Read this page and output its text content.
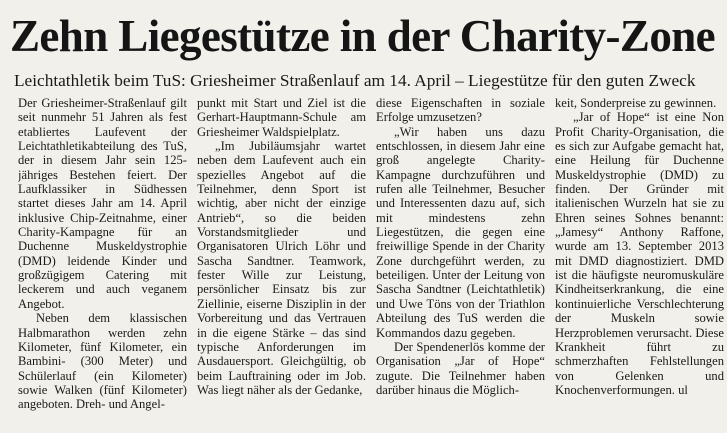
Zehn Liegestütze in der Charity-Zone
Leichtathletik beim TuS: Griesheimer Straßenlauf am 14. April – Liegestütze für den guten Zweck

Der Griesheimer-Straßenlauf gilt seit nunmehr 51 Jahren als fest etabliertes Laufevent der Leichtathletikabteilung des TuS, der in diesem Jahr sein 125-jähriges Bestehen feiert. Der Laufklassiker in Südhessen startet dieses Jahr am 14. April inklusive Chip-Zeitnahme, einer Charity-Kampagne für an Duchenne Muskeldystrophie (DMD) leidende Kinder und großzügigem Catering mit leckerem und auch veganem Angebot.

Neben dem klassischen Halbmarathon werden zehn Kilometer, fünf Kilometer, ein Bambini- (300 Meter) und Schülerlauf (ein Kilometer) sowie Walken (fünf Kilometer) angeboten. Dreh- und Angel-

punkt mit Start und Ziel ist die Gerhart-Hauptmann-Schule am Griesheimer Waldspielplatz.

„Im Jubiläumsjahr wartet neben dem Laufevent auch ein spezielles Angebot auf die Teilnehmer, denn Sport ist wichtig, aber nicht der einzige Antrieb“, so die beiden Vorstandsmitglieder und Organisatoren Ulrich Löhr und Sascha Sandtner. Teamwork, fester Wille zur Leistung, persönlicher Einsatz bis zur Ziellinie, eiserne Disziplin in der Vorbereitung und das Vertrauen in die eigene Stärke – das sind typische Anforderungen im Ausdauersport. Gleichgültig, ob beim Lauftraining oder im Job. Was liegt näher als der Gedanke,

diese Eigenschaften in soziale Erfolge umzusetzen?

„Wir haben uns dazu entschlossen, in diesem Jahr eine groß angelegte Charity-Kampagne durchzuführen und rufen alle Teilnehmer, Besucher und Interessenten dazu auf, sich mit mindestens zehn Liegestützen, die gegen eine freiwillige Spende in der Charity Zone durchgeführt werden, zu beteiligen. Unter der Leitung von Sascha Sandtner (Leichtathletik) und Uwe Töns von der Triathlon Abteilung des TuS werden die Kommandos dazu gegeben.

Der Spendenerlös komme der Organisation „Jar of Hope“ zugute. Die Teilnehmer haben darüber hinaus die Möglich-

keit, Sonderpreise zu gewinnen.

„Jar of Hope“ ist eine Non Profit Charity-Organisation, die es sich zur Aufgabe gemacht hat, eine Heilung für Duchenne Muskeldystrophie (DMD) zu finden. Der Gründer mit italienischen Wurzeln hat sie zu Ehren seines Sohnes benannt: „Jamesy“ Anthony Raffone, wurde am 13. September 2013 mit DMD diagnostiziert. DMD ist die häufigste neuromuskuläre Kindheitserkrankung, die eine kontinuierliche Verschlechterung der Muskeln sowie Herzproblemen verursacht. Diese Krankheit führt zu schmerzhaften Fehlstellungen von Gelenken und Knochenverformungen. ul
